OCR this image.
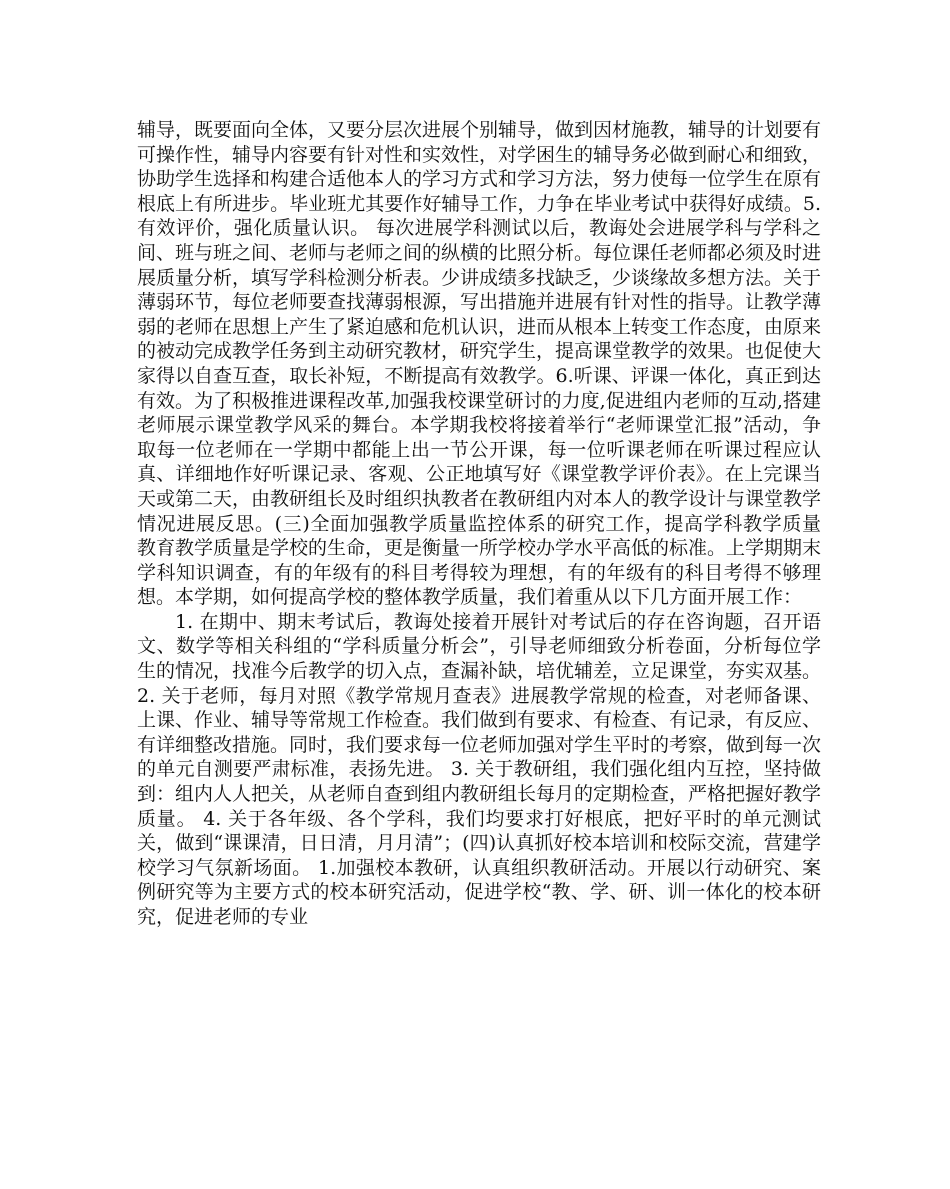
辅导，既要面向全体，又要分层次进展个别辅导，做到因材施教，辅导的计划要有可操作性，辅导内容要有针对性和实效性，对学困生的辅导务必做到耐心和细致，协助学生选择和构建合适他本人的学习方式和学习方法，努力使每一位学生在原有根底上有所进步。毕业班尤其要作好辅导工作，力争在毕业考试中获得好成绩。5.有效评价，强化质量认识。 每次进展学科测试以后，教诲处会进展学科与学科之间、班与班之间、老师与老师之间的纵横的比照分析。每位课任老师都必须及时进展质量分析，填写学科检测分析表。少讲成绩多找缺乏，少谈缘故多想方法。关于薄弱环节，每位老师要查找薄弱根源，写出措施并进展有针对性的指导。让教学薄弱的老师在思想上产生了紧迫感和危机认识，进而从根本上转变工作态度，由原来的被动完成教学任务到主动研究教材，研究学生，提高课堂教学的效果。也促使大家得以自查互查，取长补短，不断提高有效教学。6.听课、评课一体化，真正到达有效。为了积极推进课程改革,加强我校课堂研讨的力度,促进组内老师的互动,搭建老师展示课堂教学风采的舞台。本学期我校将接着举行“老师课堂汇报”活动，争取每一位老师在一学期中都能上出一节公开课，每一位听课老师在听课过程应认真、详细地作好听课记录、客观、公正地填写好《课堂教学评价表》。在上完课当天或第二天，由教研组长及时组织执教者在教研组内对本人的教学设计与课堂教学情况进展反思。(三)全面加强教学质量监控体系的研究工作，提高学科教学质量 教育教学质量是学校的生命，更是衡量一所学校办学水平高低的标准。上学期期末学科知识调查，有的年级有的科目考得较为理想，有的年级有的科目考得不够理想。本学期，如何提高学校的整体教学质量，我们着重从以下几方面开展工作：

1. 在期中、期末考试后，教诲处接着开展针对考试后的存在咨询题，召开语文、数学等相关科组的“学科质量分析会”，引导老师细致分析卷面，分析每位学生的情况，找准今后教学的切入点，查漏补缺，培优辅差，立足课堂，夯实双基。 2. 关于老师，每月对照《教学常规月查表》进展教学常规的检查，对老师备课、上课、作业、辅导等常规工作检查。我们做到有要求、有检查、有记录，有反应、有详细整改措施。同时，我们要求每一位老师加强对学生平时的考察，做到每一次的单元自测要严肃标准，表扬先进。 3. 关于教研组，我们强化组内互控，坚持做到：组内人人把关，从老师自查到组内教研组长每月的定期检查，严格把握好教学质量。 4. 关于各年级、各个学科，我们均要求打好根底，把好平时的单元测试关，做到“课课清，日日清，月月清”；(四)认真抓好校本培训和校际交流，营建学校学习气氛新场面。 1.加强校本教研，认真组织教研活动。开展以行动研究、案例研究等为主要方式的校本研究活动，促进学校“教、学、研、训一体化的校本研究，促进老师的专业
